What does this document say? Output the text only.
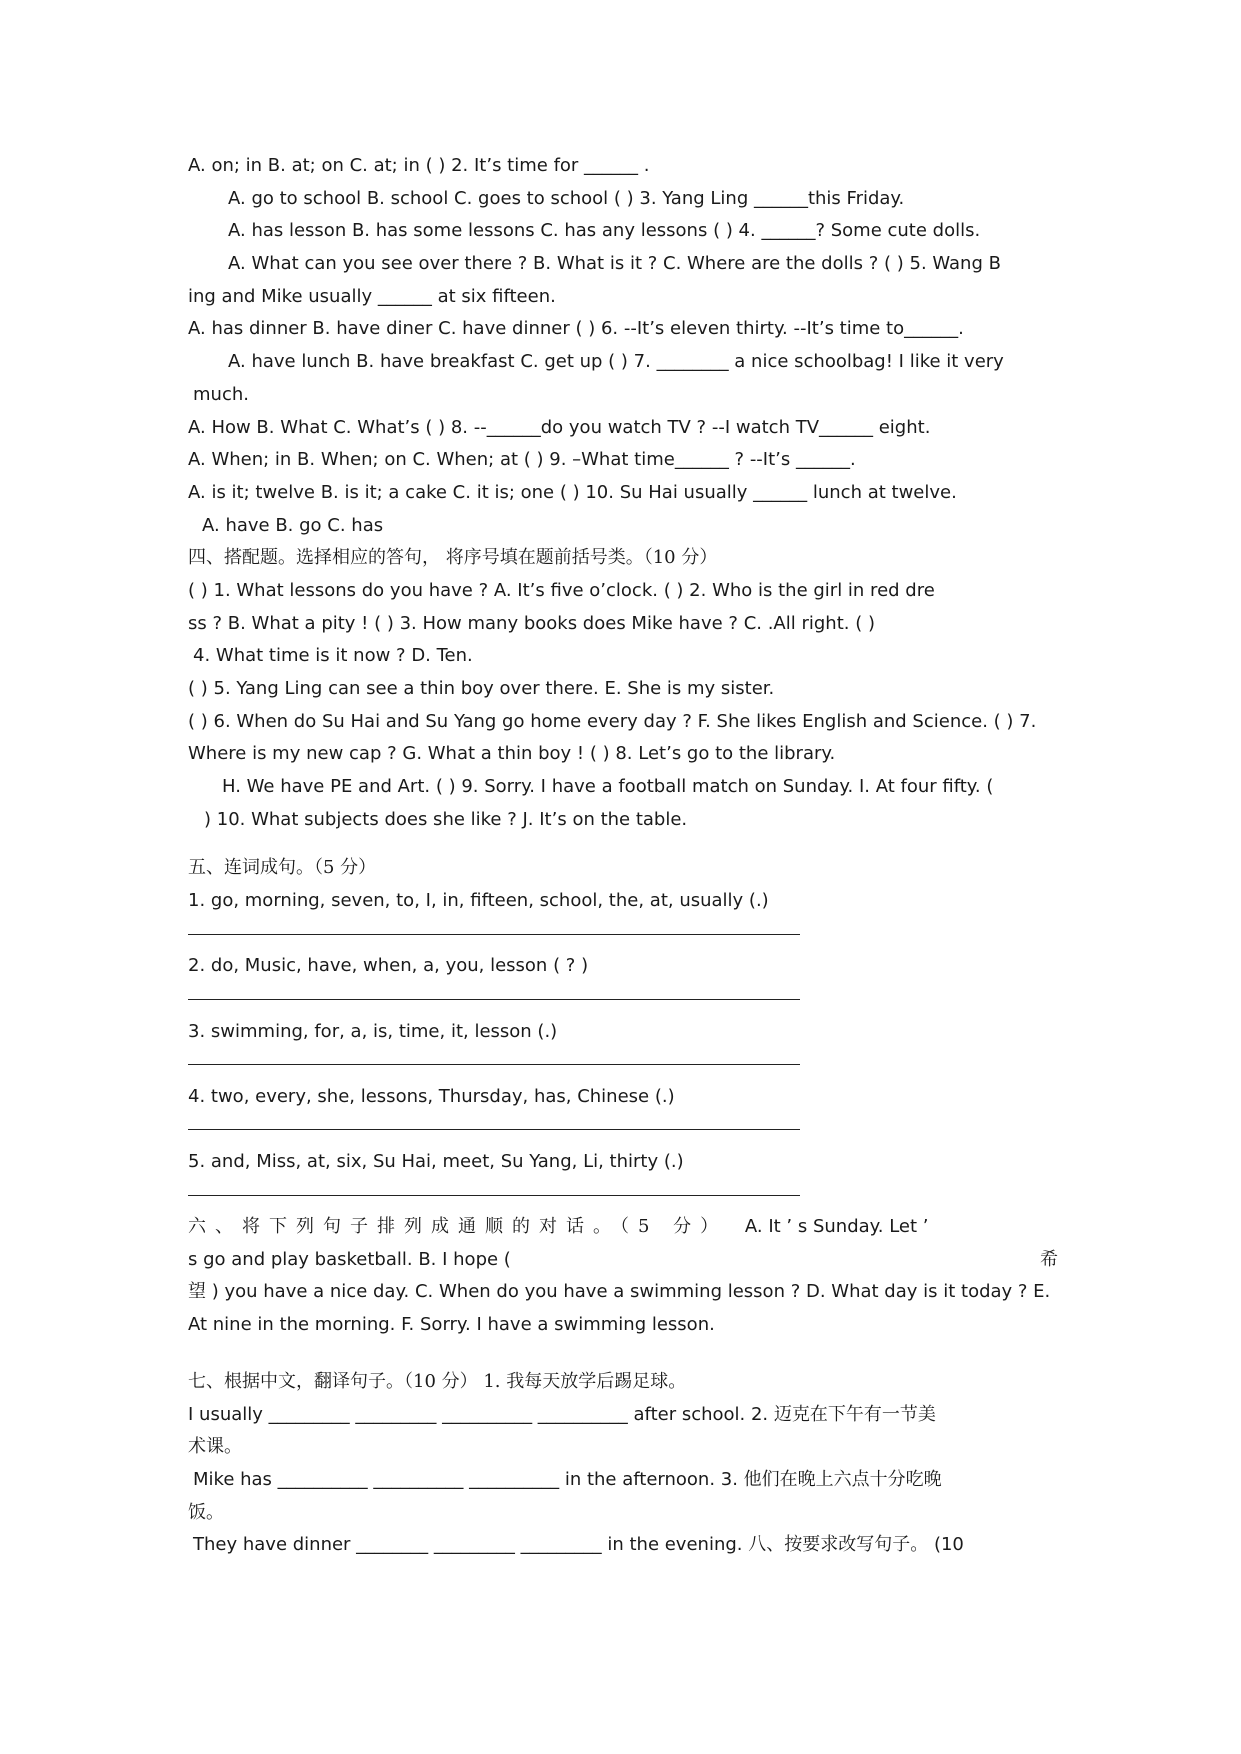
A. on; in B. at; on C. at; in ( ) 2. It’s time for ______ .
A. go to school B. school C. goes to school ( ) 3. Yang Ling ______this Friday.
A. has lesson B. has some lessons C. has any lessons ( ) 4. ______? Some cute dolls.
A. What can you see over there ? B. What is it ? C. Where are the dolls ? ( ) 5. Wang B
ing and Mike usually ______ at six fifteen.
A. has dinner B. have diner C. have dinner ( ) 6. --It’s eleven thirty. --It’s time to______.
A. have lunch B. have breakfast C. get up ( ) 7. ________ a nice schoolbag! I like it very
much.
A. How B. What C. What’s ( ) 8. --______do you watch TV ? --I watch TV______ eight.
A. When; in B. When; on C. When; at ( ) 9. –What time______ ? --It’s ______.
A. is it; twelve B. is it; a cake C. it is; one ( ) 10. Su Hai usually ______ lunch at twelve.
A. have B. go C. has
四、搭配题。选择相应的答句， 将序号填在题前括号类。（10 分）
( ) 1. What lessons do you have ? A. It’s five o’clock. ( ) 2. Who is the girl in red dre
ss ? B. What a pity ! ( ) 3. How many books does Mike have ? C. .All right. ( )
4. What time is it now ? D. Ten.
( ) 5. Yang Ling can see a thin boy over there. E. She is my sister.
( ) 6. When do Su Hai and Su Yang go home every day ? F. She likes English and Science. ( ) 7.
Where is my new cap ? G. What a thin boy ! ( ) 8. Let’s go to the library.
H. We have PE and Art. ( ) 9. Sorry. I have a football match on Sunday. I. At four fifty. (
) 10. What subjects does she like ? J. It’s on the table.
五、连词成句。（5 分）
1. go, morning, seven, to, I, in, fifteen, school, the, at, usually (.)
2. do, Music, have, when, a, you, lesson ( ? )
3. swimming, for, a, is, time, it, lesson (.)
4. two, every, she, lessons, Thursday, has, Chinese (.)
5. and, Miss, at, six, Su Hai, meet, Su Yang, Li, thirty (.)
六、将下列句子排列成通顺的对话。（5 分） A. It ’ s Sunday. Let ’
s go and play basketball. B. I hope (	希
望 ) you have a nice day. C. When do you have a swimming lesson ? D. What day is it today ? E.
At nine in the morning. F. Sorry. I have a swimming lesson.
七、根据中文，翻译句子。（10 分） 1. 我每天放学后踢足球。
I usually _________ _________ __________ __________ after school. 2. 迈克在下午有一节美
术课。
Mike has __________ __________ __________ in the afternoon. 3. 他们在晚上六点十分吃晚
饭。
They have dinner ________ _________ _________ in the evening. 八、按要求改写句子。 (10
